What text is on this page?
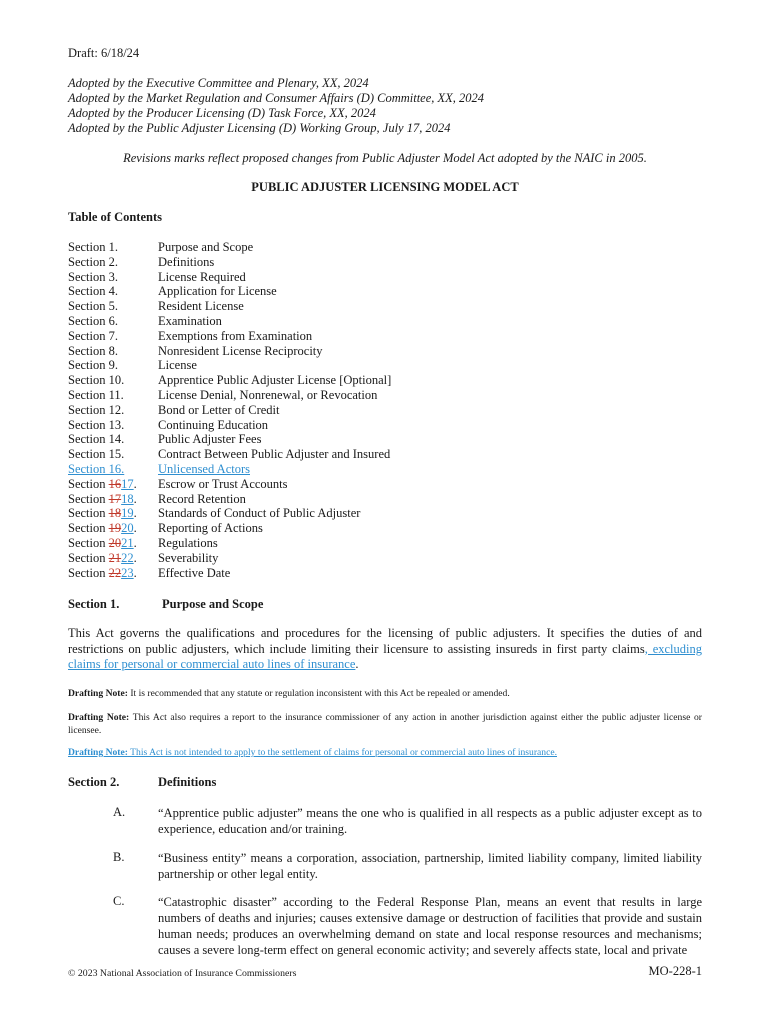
Draft: 6/18/24
Adopted by the Executive Committee and Plenary, XX, 2024
Adopted by the Market Regulation and Consumer Affairs (D) Committee, XX, 2024
Adopted by the Producer Licensing (D) Task Force, XX, 2024
Adopted by the Public Adjuster Licensing (D) Working Group, July 17, 2024
Revisions marks reflect proposed changes from Public Adjuster Model Act adopted by the NAIC in 2005.
PUBLIC ADJUSTER LICENSING MODEL ACT
Table of Contents
Section 1.	Purpose and Scope
Section 2.	Definitions
Section 3.	License Required
Section 4.	Application for License
Section 5.	Resident License
Section 6.	Examination
Section 7.	Exemptions from Examination
Section 8.	Nonresident License Reciprocity
Section 9.	License
Section 10.	Apprentice Public Adjuster License [Optional]
Section 11.	License Denial, Nonrenewal, or Revocation
Section 12.	Bond or Letter of Credit
Section 13.	Continuing Education
Section 14.	Public Adjuster Fees
Section 15.	Contract Between Public Adjuster and Insured
Section 16.	Unlicensed Actors
Section 1617. Escrow or Trust Accounts
Section 1718. Record Retention
Section 1819. Standards of Conduct of Public Adjuster
Section 1920. Reporting of Actions
Section 2021. Regulations
Section 2122. Severability
Section 2223. Effective Date
Section 1.	Purpose and Scope
This Act governs the qualifications and procedures for the licensing of public adjusters. It specifies the duties of and restrictions on public adjusters, which include limiting their licensure to assisting insureds in first party claims, excluding claims for personal or commercial auto lines of insurance.
Drafting Note: It is recommended that any statute or regulation inconsistent with this Act be repealed or amended.
Drafting Note: This Act also requires a report to the insurance commissioner of any action in another jurisdiction against either the public adjuster license or licensee.
Drafting Note: This Act is not intended to apply to the settlement of claims for personal or commercial auto lines of insurance.
Section 2.	Definitions
A.	“Apprentice public adjuster” means the one who is qualified in all respects as a public adjuster except as to experience, education and/or training.
B.	“Business entity” means a corporation, association, partnership, limited liability company, limited liability partnership or other legal entity.
C.	“Catastrophic disaster” according to the Federal Response Plan, means an event that results in large numbers of deaths and injuries; causes extensive damage or destruction of facilities that provide and sustain human needs; produces an overwhelming demand on state and local response resources and mechanisms; causes a severe long-term effect on general economic activity; and severely affects state, local and private
© 2023 National Association of Insurance Commissioners	MO-228-1
